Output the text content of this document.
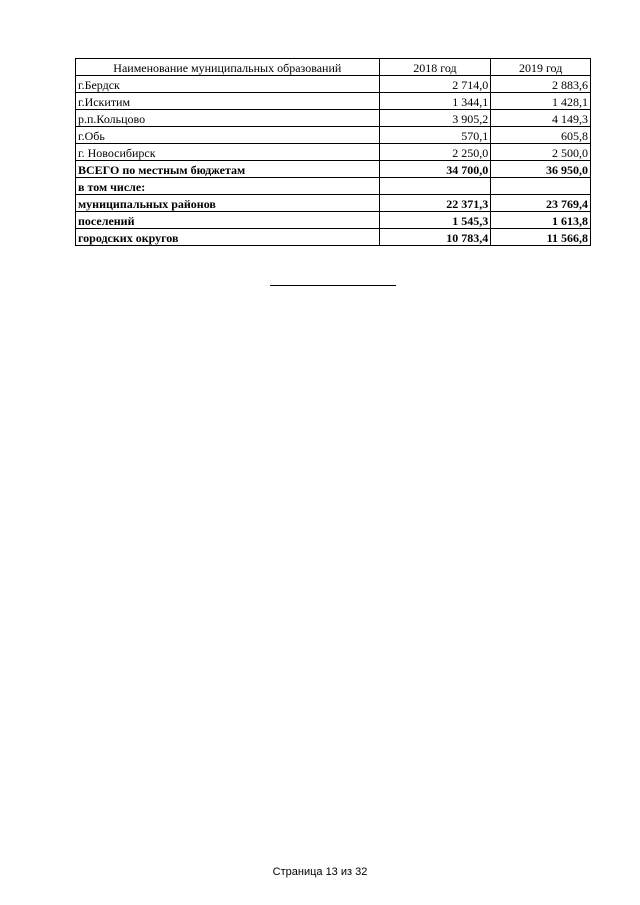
Наименование муниципальных образований	2018 год	2019 год
г.Бердск	2 714,0	2 883,6
г.Искитим	1 344,1	1 428,1
р.п.Кольцово	3 905,2	4 149,3
г.Обь	570,1	605,8
г. Новосибирск	2 250,0	2 500,0
ВСЕГО по местным бюджетам	34 700,0	36 950,0
в том числе:		
муниципальных районов	22 371,3	23 769,4
поселений	1 545,3	1 613,8
городских округов	10 783,4	11 566,8
Страница 13 из 32
